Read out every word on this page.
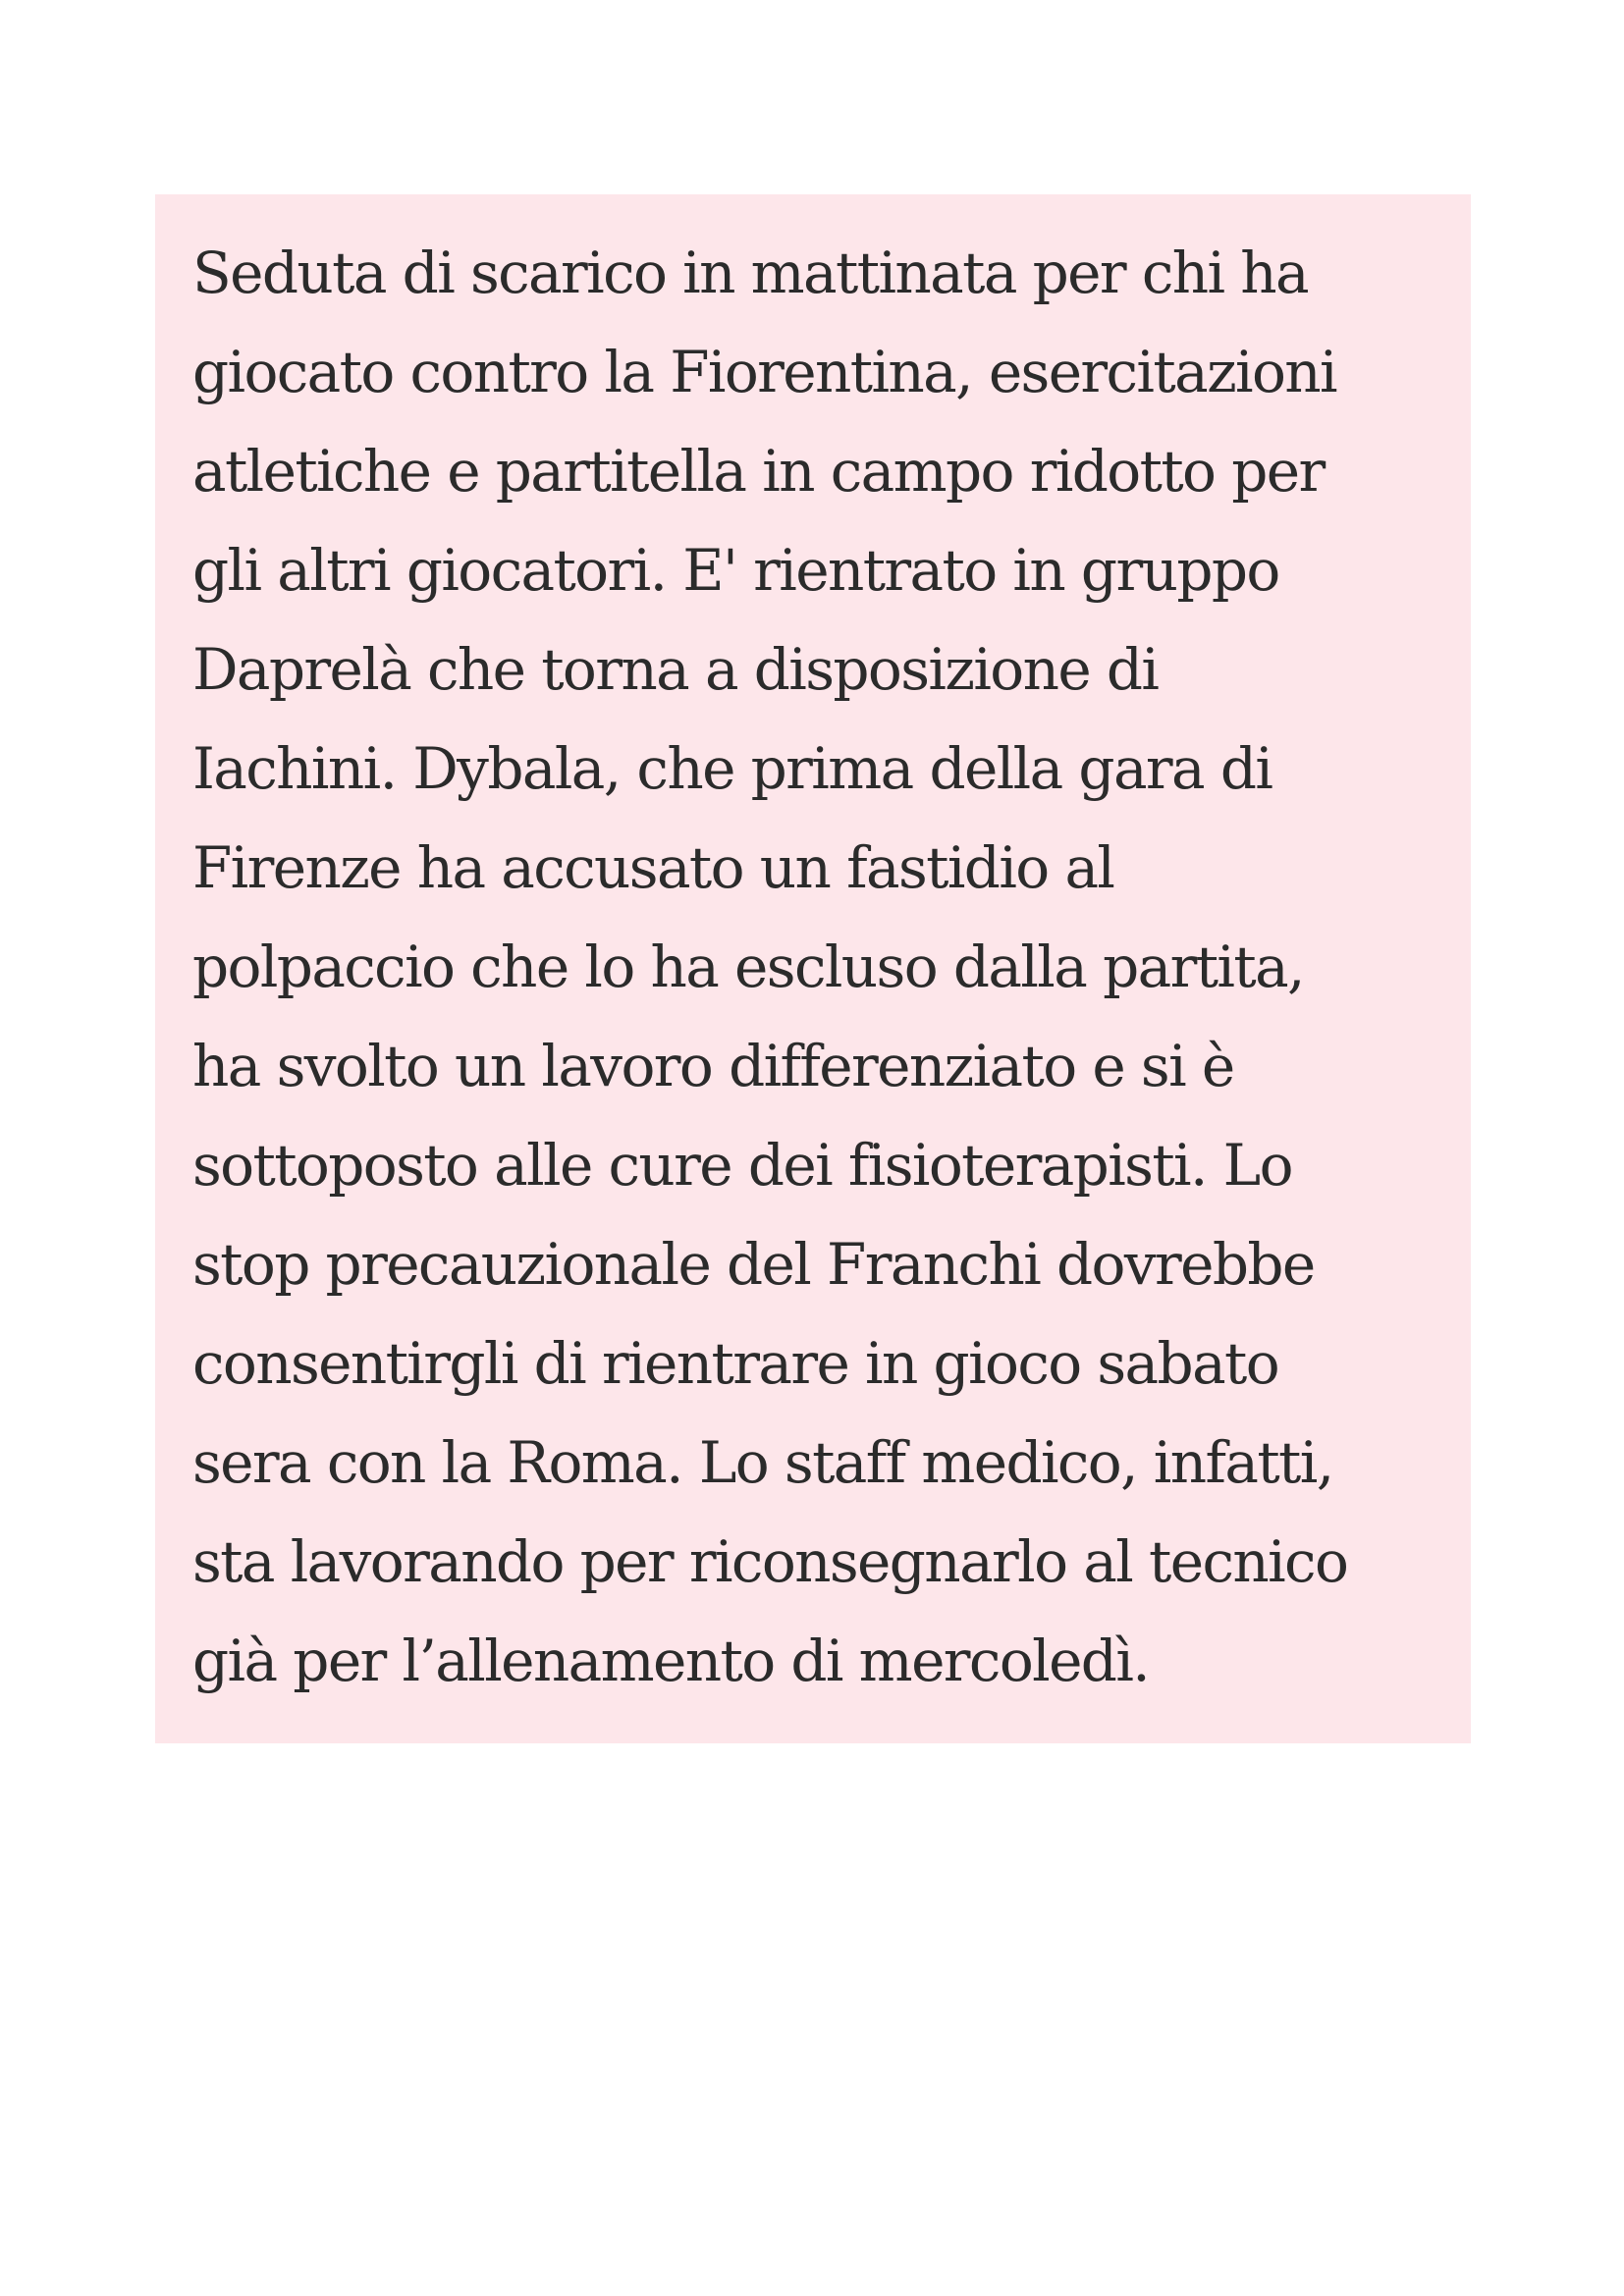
Seduta di scarico in mattinata per chi ha
giocato contro la Fiorentina, esercitazioni
atletiche e partitella in campo ridotto per
gli altri giocatori. E' rientrato in gruppo
Daprelà che torna a disposizione di
Iachini. Dybala, che prima della gara di
Firenze ha accusato un fastidio al
polpaccio che lo ha escluso dalla partita,
ha svolto un lavoro differenziato e si è
sottoposto alle cure dei fisioterapisti. Lo
stop precauzionale del Franchi dovrebbe
consentirgli di rientrare in gioco sabato
sera con la Roma. Lo staff medico, infatti,
sta lavorando per riconsegnarlo al tecnico
già per l’allenamento di mercoledì.
